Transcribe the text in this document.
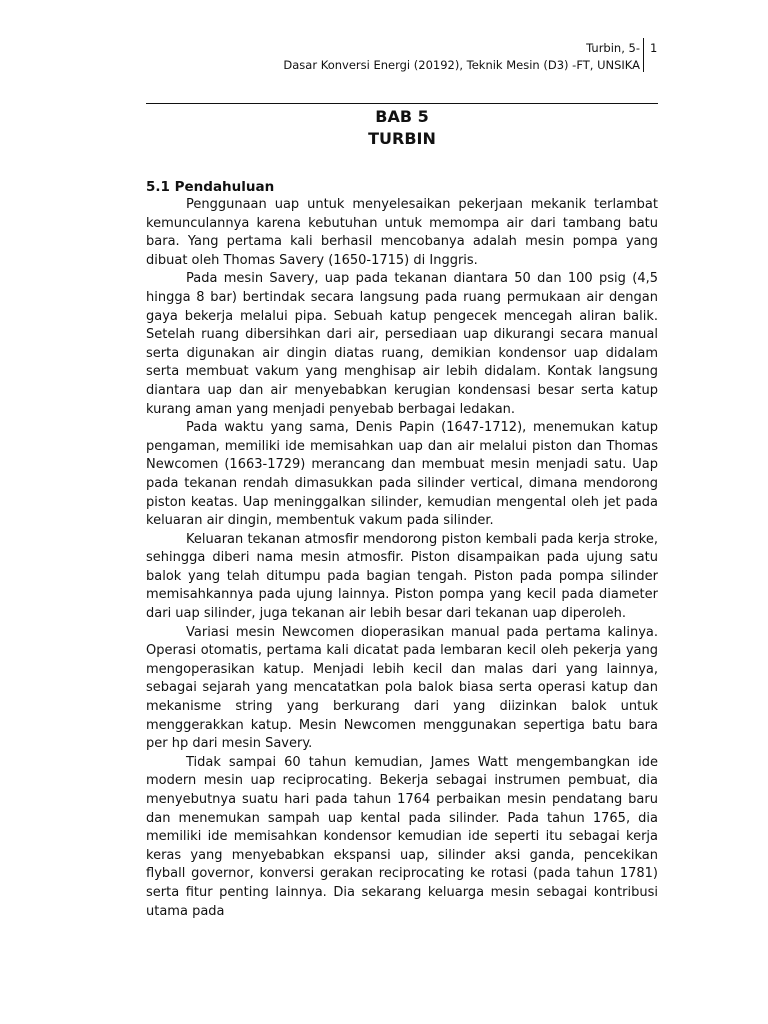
Turbin, 5-
Dasar Konversi Energi (20192), Teknik Mesin (D3) -FT, UNSIKA
1
BAB 5
TURBIN
5.1 Pendahuluan

Penggunaan uap untuk menyelesaikan pekerjaan mekanik terlambat kemunculannya karena kebutuhan untuk memompa air dari tambang batu bara. Yang pertama kali berhasil mencobanya adalah mesin pompa yang dibuat oleh Thomas Savery (1650-1715) di Inggris.

Pada mesin Savery, uap pada tekanan diantara 50 dan 100 psig (4,5 hingga 8 bar) bertindak secara langsung pada ruang permukaan air dengan gaya bekerja melalui pipa. Sebuah katup pengecek mencegah aliran balik. Setelah ruang dibersihkan dari air, persediaan uap dikurangi secara manual serta digunakan air dingin diatas ruang, demikian kondensor uap didalam serta membuat vakum yang menghisap air lebih didalam. Kontak langsung diantara uap dan air menyebabkan kerugian kondensasi besar serta katup kurang aman yang menjadi penyebab berbagai ledakan.

Pada waktu yang sama, Denis Papin (1647-1712), menemukan katup pengaman, memiliki ide memisahkan uap dan air melalui piston dan Thomas Newcomen (1663-1729) merancang dan membuat mesin menjadi satu. Uap pada tekanan rendah dimasukkan pada silinder vertical, dimana mendorong piston keatas. Uap meninggalkan silinder, kemudian mengental oleh jet pada keluaran air dingin, membentuk vakum pada silinder.

Keluaran tekanan atmosfir mendorong piston kembali pada kerja stroke, sehingga diberi nama mesin atmosfir. Piston disampaikan pada ujung satu balok yang telah ditumpu pada bagian tengah. Piston pada pompa silinder memisahkannya pada ujung lainnya. Piston pompa yang kecil pada diameter dari uap silinder, juga tekanan air lebih besar dari tekanan uap diperoleh.

Variasi mesin Newcomen dioperasikan manual pada pertama kalinya. Operasi otomatis, pertama kali dicatat pada lembaran kecil oleh pekerja yang mengoperasikan katup. Menjadi lebih kecil dan malas dari yang lainnya, sebagai sejarah yang mencatatkan pola balok biasa serta operasi katup dan mekanisme string yang berkurang dari yang diizinkan balok untuk menggerakkan katup. Mesin Newcomen menggunakan sepertiga batu bara per hp dari mesin Savery.

Tidak sampai 60 tahun kemudian, James Watt mengembangkan ide modern mesin uap reciprocating. Bekerja sebagai instrumen pembuat, dia menyebutnya suatu hari pada tahun 1764 perbaikan mesin pendatang baru dan menemukan sampah uap kental pada silinder. Pada tahun 1765, dia memiliki ide memisahkan kondensor kemudian ide seperti itu sebagai kerja keras yang menyebabkan ekspansi uap, silinder aksi ganda, pencekikan flyball governor, konversi gerakan reciprocating ke rotasi (pada tahun 1781) serta fitur penting lainnya. Dia sekarang keluarga mesin sebagai kontribusi utama pada
